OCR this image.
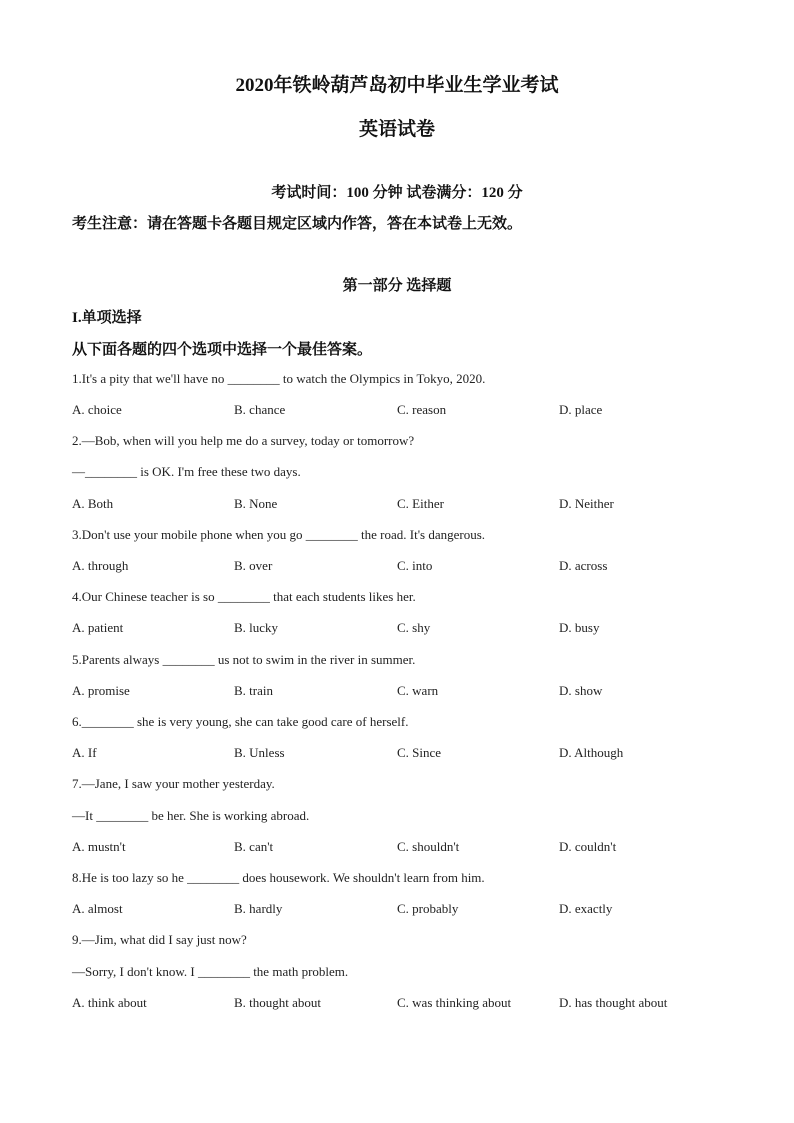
2020年铁岭葫芦岛初中毕业生学业考试
英语试卷
考试时间：100 分钟 试卷满分：120 分
考生注意：请在答题卡各题目规定区域内作答，答在本试卷上无效。
第一部分 选择题
I.单项选择
从下面各题的四个选项中选择一个最佳答案。
1.It's a pity that we'll have no ________ to watch the Olympics in Tokyo, 2020.
A. choice	B. chance	C. reason	D. place
2.—Bob, when will you help me do a survey, today or tomorrow?
—________ is OK. I'm free these two days.
A. Both	B. None	C. Either	D. Neither
3.Don't use your mobile phone when you go ________ the road. It's dangerous.
A. through	B. over	C. into	D. across
4.Our Chinese teacher is so ________ that each students likes her.
A. patient	B. lucky	C. shy	D. busy
5.Parents always ________ us not to swim in the river in summer.
A. promise	B. train	C. warn	D. show
6.________ she is very young, she can take good care of herself.
A. If	B. Unless	C. Since	D. Although
7.—Jane, I saw your mother yesterday.
—It ________ be her. She is working abroad.
A. mustn't	B. can't	C. shouldn't	D. couldn't
8.He is too lazy so he ________ does housework. We shouldn't learn from him.
A. almost	B. hardly	C. probably	D. exactly
9.—Jim, what did I say just now?
—Sorry, I don't know. I ________ the math problem.
A. think about	B. thought about	C. was thinking about	D. has thought about
